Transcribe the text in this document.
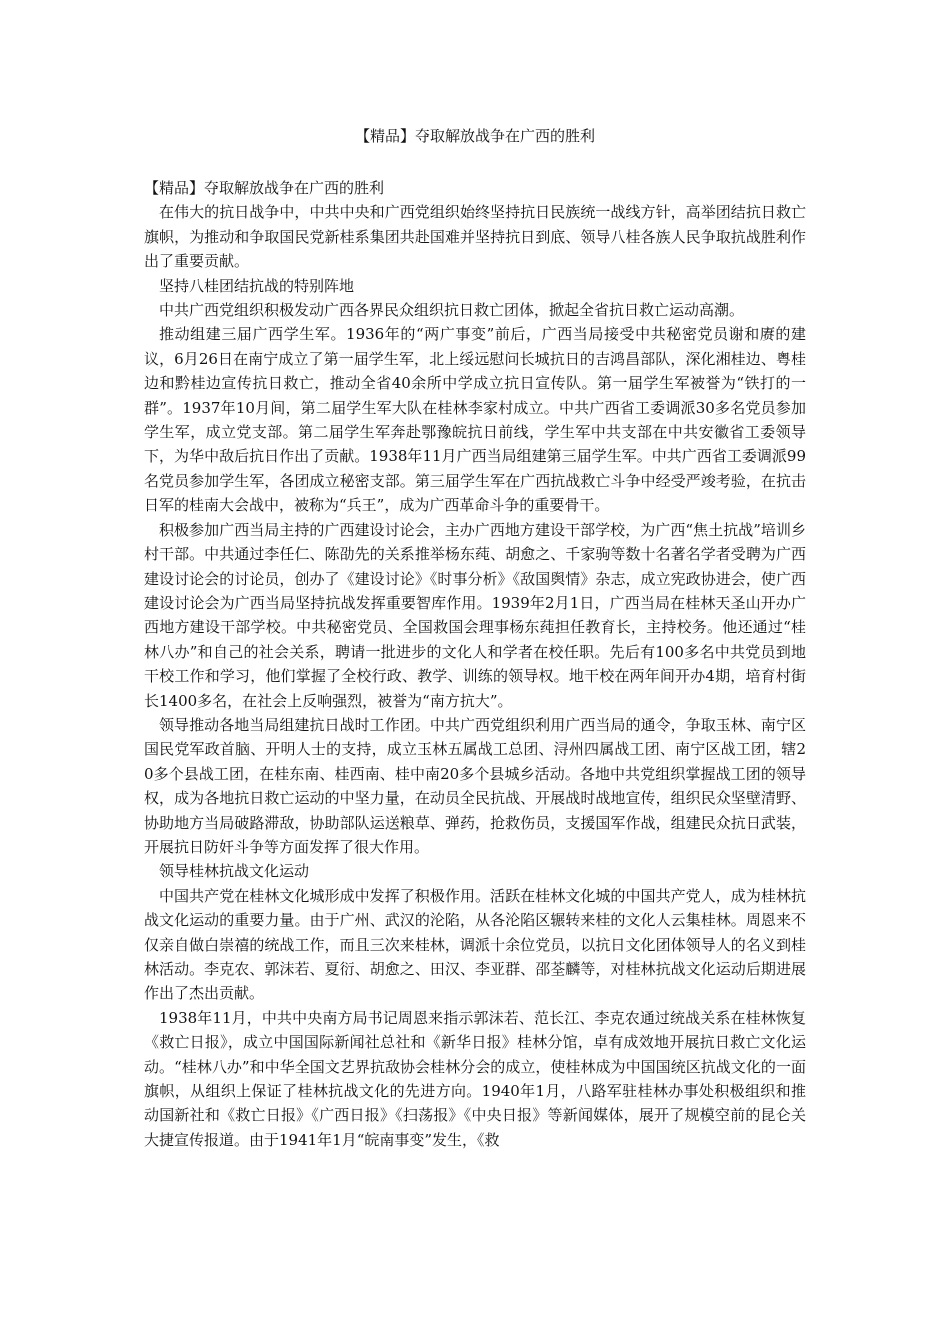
【精品】夺取解放战争在广西的胜利

【精品】夺取解放战争在广西的胜利

在伟大的抗日战争中，中共中央和广西党组织始终坚持抗日民族统一战线方针，高举团结抗日救亡旗帜，为推动和争取国民党新桂系集团共赴国难并坚持抗日到底、领导八桂各族人民争取抗战胜利作出了重要贡献。

坚持八桂团结抗战的特别阵地

中共广西党组织积极发动广西各界民众组织抗日救亡团体，掀起全省抗日救亡运动高潮。

推动组建三届广西学生军。1936年的“两广事变”前后，广西当局接受中共秘密党员谢和赓的建议，6月26日在南宁成立了第一届学生军，北上绥远慰问长城抗日的吉鸿昌部队，深化湘桂边、粤桂边和黔桂边宣传抗日救亡，推动全省40余所中学成立抗日宣传队。第一届学生军被誉为“铁打的一群”。1937年10月间，第二届学生军大队在桂林李家村成立。中共广西省工委调派30多名党员参加学生军，成立党支部。第二届学生军奔赴鄂豫皖抗日前线，学生军中共支部在中共安徽省工委领导下，为华中敌后抗日作出了贡献。1938年11月广西当局组建第三届学生军。中共广西省工委调派99名党员参加学生军，各团成立秘密支部。第三届学生军在广西抗战救亡斗争中经受严竣考验，在抗击日军的桂南大会战中，被称为“兵王”，成为广西革命斗争的重要骨干。

积极参加广西当局主持的广西建设讨论会，主办广西地方建设干部学校，为广西“焦土抗战”培训乡村干部。中共通过李任仁、陈劭先的关系推举杨东莼、胡愈之、千家驹等数十名著名学者受聘为广西建设讨论会的讨论员，创办了《建设讨论》《时事分析》《敌国舆情》杂志，成立宪政协进会，使广西建设讨论会为广西当局坚持抗战发挥重要智库作用。1939年2月1日，广西当局在桂林天圣山开办广西地方建设干部学校。中共秘密党员、全国救国会理事杨东莼担任教育长，主持校务。他还通过“桂林八办”和自己的社会关系，聘请一批进步的文化人和学者在校任职。先后有100多名中共党员到地干校工作和学习，他们掌握了全校行政、教学、训练的领导权。地干校在两年间开办4期，培育村街长1400多名，在社会上反响强烈，被誉为“南方抗大”。

领导推动各地当局组建抗日战时工作团。中共广西党组织利用广西当局的通令，争取玉林、南宁区国民党军政首脑、开明人士的支持，成立玉林五属战工总团、浔州四属战工团、南宁区战工团，辖20多个县战工团，在桂东南、桂西南、桂中南20多个县城乡活动。各地中共党组织掌握战工团的领导权，成为各地抗日救亡运动的中坚力量，在动员全民抗战、开展战时战地宣传，组织民众坚壁清野、协助地方当局破路滞敌，协助部队运送粮草、弹药，抢救伤员，支援国军作战，组建民众抗日武装，开展抗日防奸斗争等方面发挥了很大作用。

领导桂林抗战文化运动

中国共产党在桂林文化城形成中发挥了积极作用。活跃在桂林文化城的中国共产党人，成为桂林抗战文化运动的重要力量。由于广州、武汉的沦陷，从各沦陷区辗转来桂的文化人云集桂林。周恩来不仅亲自做白崇禧的统战工作，而且三次来桂林，调派十余位党员，以抗日文化团体领导人的名义到桂林活动。李克农、郭沫若、夏衍、胡愈之、田汉、李亚群、邵荃麟等，对桂林抗战文化运动后期进展作出了杰出贡献。

1938年11月，中共中央南方局书记周恩来指示郭沫若、范长江、李克农通过统战关系在桂林恢复《救亡日报》，成立中国国际新闻社总社和《新华日报》桂林分馆，卓有成效地开展抗日救亡文化运动。“桂林八办”和中华全国文艺界抗敌协会桂林分会的成立，使桂林成为中国国统区抗战文化的一面旗帜，从组织上保证了桂林抗战文化的先进方向。1940年1月，八路军驻桂林办事处积极组织和推动国新社和《救亡日报》《广西日报》《扫荡报》《中央日报》等新闻媒体，展开了规模空前的昆仑关大捷宣传报道。由于1941年1月“皖南事变”发生，《救
